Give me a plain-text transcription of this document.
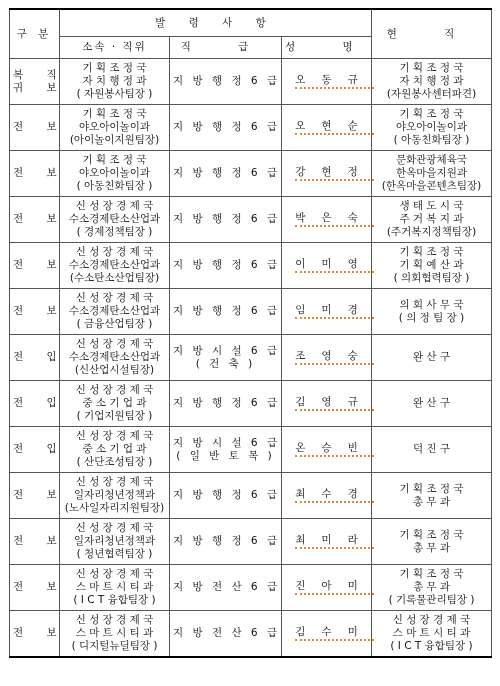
구 분	발 령 사 항			현 직
	소속 · 직위	직 급	성 명	

복 직
귀 보	기 획 조 정 국
자 치 행 정 과
( 자원봉사팀장 )	지 방 행 정 6 급	오동규	기 획 조 정 국
자 치 행 정 과
(자원봉사센터파견)

전 보	기 획 조 정 국
야오아이놀이과
(아이놀이지원팀장)	지 방 행 정 6 급	오현순	기 획 조 정 국
야오아이놀이과
( 아동친화팀장 )

전 보	기 획 조 정 국
야오아이놀이과
( 아동친화팀장 )	지 방 행 정 6 급	강현정	문화관광체육국
한옥마을지원과
(한옥마을콘텐츠팀장)

전 보	신 성 장 경 제 국
수소경제탄소산업과
( 경제정책팀장 )	지 방 행 정 6 급	박은숙	생 태 도 시 국
주 거 복 지 과
(주거복지정책팀장)

전 보	신 성 장 경 제 국
수소경제탄소산업과
(수소탄소산업팀장)	지 방 행 정 6 급	이미영	기 획 조 정 국
기 획 예 산 과
( 의회협력팀장 )

전 보	신 성 장 경 제 국
수소경제탄소산업과
( 금융산업팀장 )	지 방 행 정 6 급	임미경	의 회 사 무 국
( 의 정 팀 장 )

전 입	신 성 장 경 제 국
수소경제탄소산업과
(신산업시설팀장)	지 방 시 설 6 급
( 건 축 )	조영숭	완 산 구

전 입	신 성 장 경 제 국
중 소 기 업 과
( 기업지원팀장 )	지 방 행 정 6 급	김영규	완 산 구

전 입	신 성 장 경 제 국
중 소 기 업 과
( 산단조성팀장 )	지 방 시 설 6 급
( 일 반 토 목 )	온승빈	덕 진 구

전 보	신 성 장 경 제 국
일자리청년정책과
(노사일자리지원팀장)	지 방 행 정 6 급	최수경	기 획 조 정 국
총 무 과

전 보	신 성 장 경 제 국
일자리청년정책과
( 청년협력팀장 )	지 방 행 정 6 급	최미라	기 획 조 정 국
총 무 과

전 보	신 성 장 경 제 국
스 마 트 시 티 과
( I C T 융합팀장 )	지 방 전 산 6 급	진아미	기 획 조 정 국
총 무 과
( 기록물관리팀장 )

전 보	신 성 장 경 제 국
스 마 트 시 티 과
( 디지털뉴딜팀장 )	지 방 전 산 6 급	김수미	신 성 장 경 제 국
스 마 트 시 티 과
( I C T 융합팀장 )
